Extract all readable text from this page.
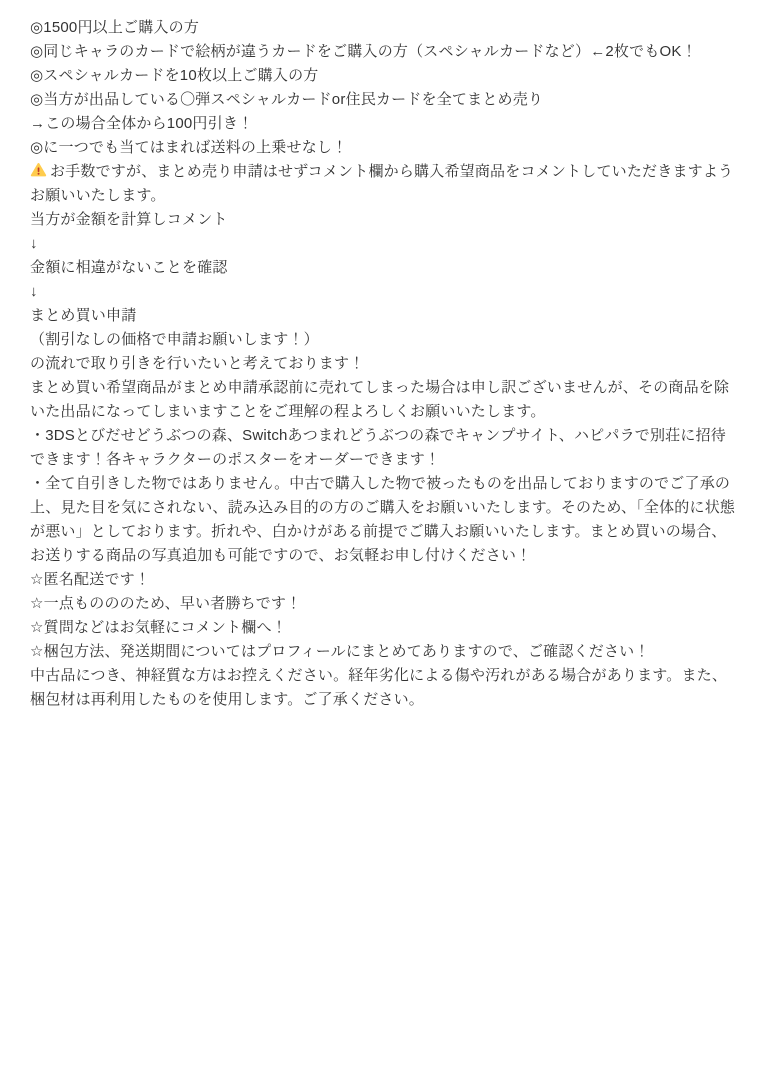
◎1500円以上ご購入の方
◎同じキャラのカードで絵柄が違うカードをご購入の方（スペシャルカードなど）←2枚でもOK！
◎スペシャルカードを10枚以上ご購入の方
◎当方が出品している〇弾スペシャルカードor住民カードを全てまとめ売り
→この場合全体から100円引き！

◎に一つでも当てはまれば送料の上乗せなし！

お手数ですが、まとめ売り申請はせずコメント欄から購入希望商品をコメントしていただきますようお願いいたします。

当方が金額を計算しコメント
↓
金額に相違がないことを確認
↓
まとめ買い申請
（割引なしの価格で申請お願いします！）

の流れで取り引きを行いたいと考えております！

まとめ買い希望商品がまとめ申請承認前に売れてしまった場合は申し訳ございませんが、その商品を除いた出品になってしまいますことをご理解の程よろしくお願いいたします。

・3DSとびだせどうぶつの森、Switchあつまれどうぶつの森でキャンプサイト、ハピパラで別荘に招待できます！各キャラクターのポスターをオーダーできます！

・全て自引きした物ではありません。中古で購入した物で被ったものを出品しておりますのでご了承の上、見た目を気にされない、読み込み目的の方のご購入をお願いいたします。そのため、「全体的に状態が悪い」としております。折れや、白かけがある前提でご購入お願いいたします。まとめ買いの場合、お送りする商品の写真追加も可能ですので、お気軽お申し付けください！

☆匿名配送です！

☆一点ものののため、早い者勝ちです！

☆質問などはお気軽にコメント欄へ！

☆梱包方法、発送期間についてはプロフィールにまとめてありますので、ご確認ください！

中古品につき、神経質な方はお控えください。経年劣化による傷や汚れがある場合があります。また、梱包材は再利用したものを使用します。ご了承ください。
